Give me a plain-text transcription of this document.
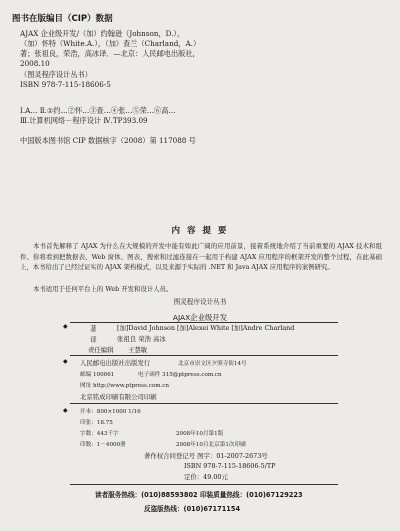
图书在版编目（CIP）数据
AJAX 企业级开发/（加）约翰逊（Johnson，D.），
（加）怀特（White.A.），（加）查兰（Charland，A.）
著；张祖良，荣浩，高冰译．—北京：人民邮电出版社，
2008.10
（图灵程序设计丛书）
ISBN 978-7-115-18606-5
Ⅰ.A… Ⅱ.①约…②怀…③查…④张…⑤荣…⑥高…
Ⅲ.计算机网络－程序设计 Ⅳ.TP393.09
中国版本图书馆 CIP 数据核字（2008）第 117088 号
内 容 提 要
本书首先解释了 AJAX 为什么在大规模的开发中能有如此广阔的应用前景，接着系统地介绍了当前重要的 AJAX 技术和组件。你将看到把数据表、Web 窗体、图表、搜索和过滤连接在一起用于构建 AJAX 应用程序的框架开发的整个过程，在此基础上，本书给出了已经过证实的 AJAX 架构模式，以及来源于实际的 .NET 和 Java AJAX 应用程序的案例研究。
本书适用于任何平台上的 Web 开发和设计人员。
图灵程序设计丛书
AJAX企业级开发
◆	著	[加]David Johnson [加]Alexei White [加]Andre Charland
译	张祖良 荣浩 高冰
责任编辑 王慧敏
◆ 人民邮电出版社出版发行	北京市崇文区夕照寺街14号
邮编 100061	电子函件 315@ptpress.com.cn
网址 http://www.ptpress.com.cn
北京铭成印刷有限公司印刷
◆ 开本：800×1000 1/16
印张：18.75
字数：443千字	2008年10月第1版
印数：1－4000册	2008年10月北京第1次印刷
著作权合同登记号 图字：01-2007-2673号
ISBN 978-7-115-18606-5/TP
定价：49.00元
读者服务热线：(010)88593802 印装质量热线：(010)67129223
反盗版热线：(010)67171154
